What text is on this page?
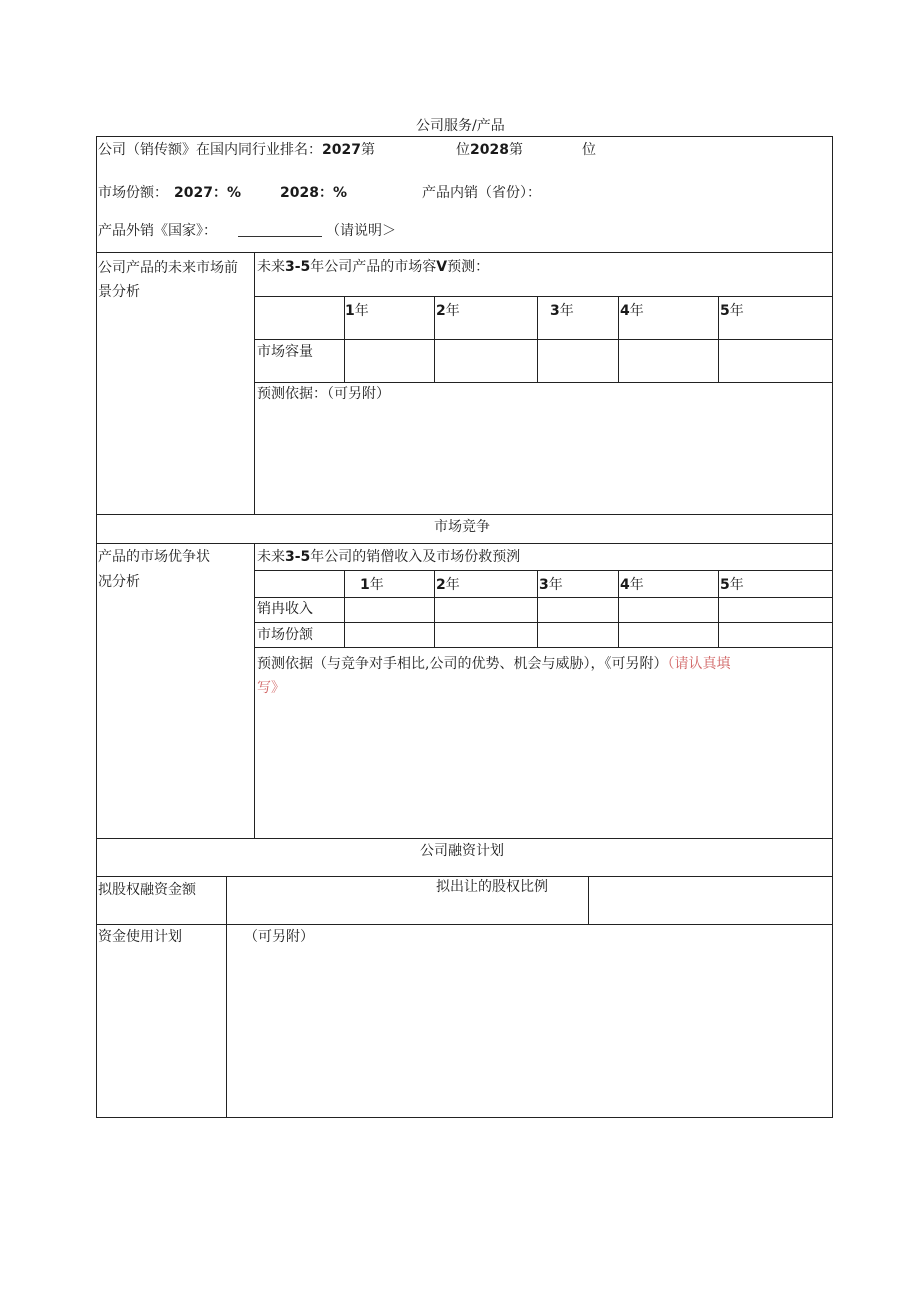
公司服务/产品
公司（销传额》在国内同行业排名：2027第	位2028第	位
市场份额： 2027：%	2028：%	产品内销（省份）：
产品外销《国家》：	（请说明＞
公司产品的未来市场前
景分析
未来3-5年公司产品的市场容V预测：
1年	2年	3年	4年	5年
市场容量
预测依据：（可另附）
市场竞争
产品的市场优争状
况分析
未来3-5年公司的销僧收入及市场份救预洌
1年	2年	3年	4年	5年
销冉收入
市场份颔
预测依据（与竞争对手相比,公司的优势、机会与威胁），《可另附）（请认真填
写》
公司融资计划
拟股权融资金额	拟出让的股权比例
资金使用计划	（可另附）
